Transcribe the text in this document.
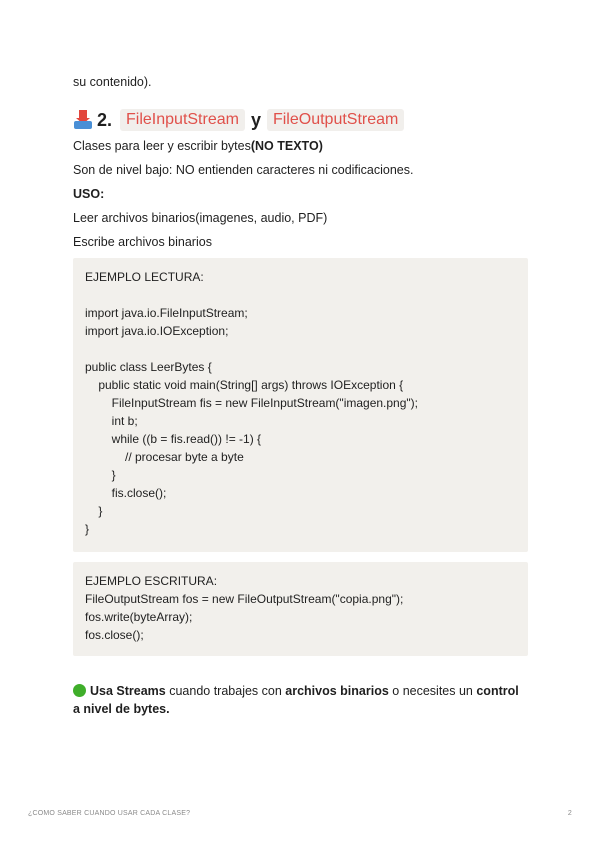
su contenido).
2. FileInputStream y FileOutputStream
Clases para leer y escribir bytes(NO TEXTO)
Son de nivel bajo: NO entienden caracteres ni codificaciones.
USO:
Leer archivos binarios(imagenes, audio, PDF)
Escribe archivos binarios
EJEMPLO LECTURA:

import java.io.FileInputStream;
import java.io.IOException;

public class LeerBytes {
public static void main(String[] args) throws IOException {
FileInputStream fis = new FileInputStream("imagen.png");
int b;
while ((b = fis.read()) != -1) {
// procesar byte a byte
}
fis.close();
}
}
EJEMPLO ESCRITURA:
FileOutputStream fos = new FileOutputStream("copia.png");
fos.write(byteArray);
fos.close();
Usa Streams cuando trabajes con archivos binarios o necesites un control a nivel de bytes.
¿COMO SABER CUANDO USAR CADA CLASE?	2
